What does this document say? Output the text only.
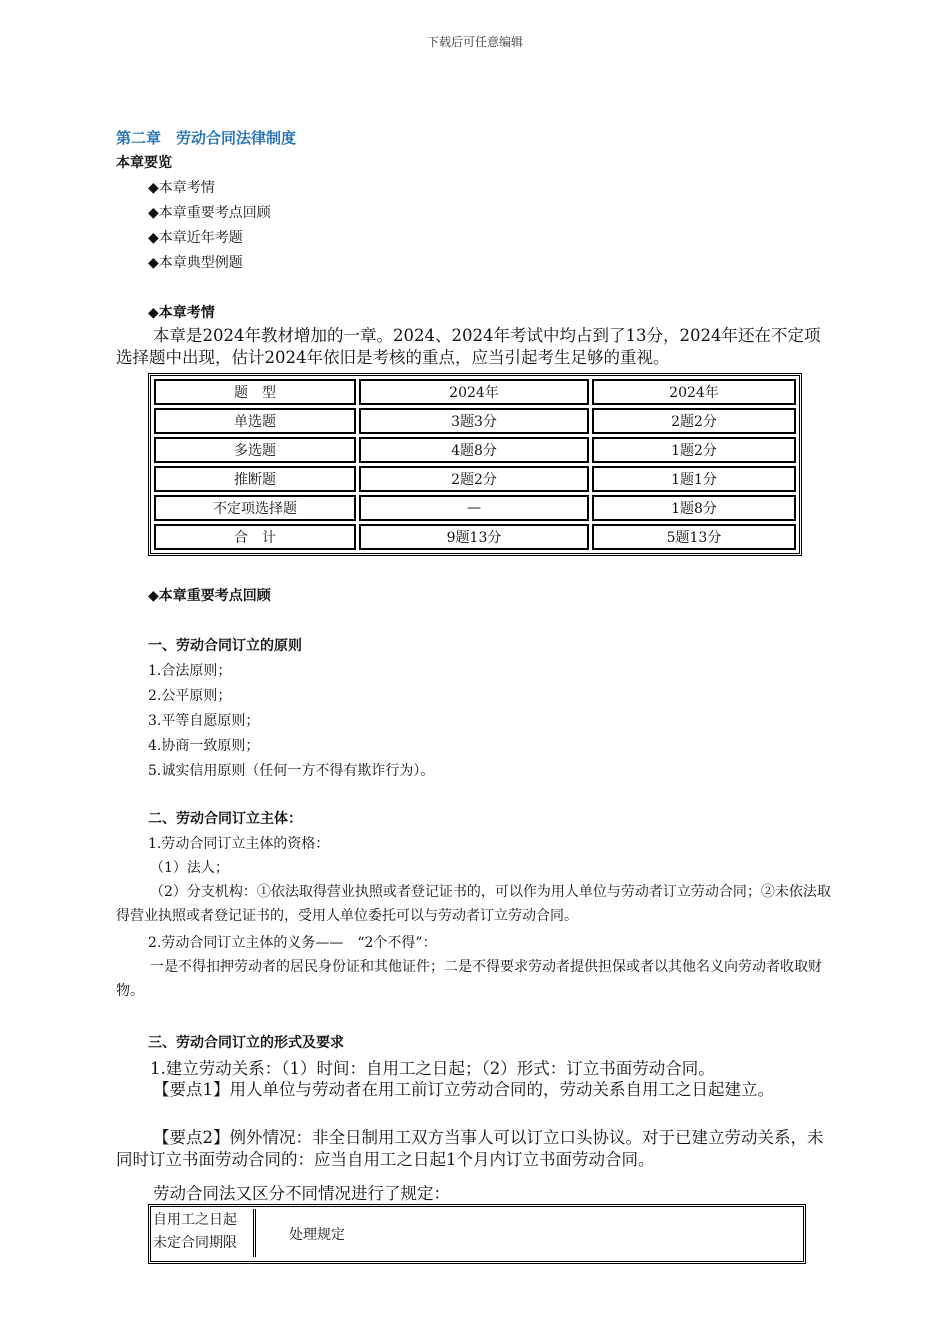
下载后可任意编辑
第二章　劳动合同法律制度
本章要览
◆本章考情
◆本章重要考点回顾
◆本章近年考题
◆本章典型例题
◆本章考情
本章是2024年教材增加的一章。2024、2024年考试中均占到了13分，2024年还在不定项选择题中出现，估计2024年依旧是考核的重点，应当引起考生足够的重视。
题　型	2024年	2024年
单选题	3题3分	2题2分
多选题	4题8分	1题2分
推断题	2题2分	1题1分
不定项选择题	—	1题8分
合　计	9题13分	5题13分
◆本章重要考点回顾
一、劳动合同订立的原则
1.合法原则；
2.公平原则；
3.平等自愿原则；
4.协商一致原则；
5.诚实信用原则（任何一方不得有欺诈行为）。
二、劳动合同订立主体：
1.劳动合同订立主体的资格：
（1）法人；
（2）分支机构：①依法取得营业执照或者登记证书的，可以作为用人单位与劳动者订立劳动合同；②未依法取得营业执照或者登记证书的，受用人单位委托可以与劳动者订立劳动合同。
2.劳动合同订立主体的义务——　“2个不得”：
一是不得扣押劳动者的居民身份证和其他证件；二是不得要求劳动者提供担保或者以其他名义向劳动者收取财物。
三、劳动合同订立的形式及要求
1.建立劳动关系：（1）时间：自用工之日起；（2）形式：订立书面劳动合同。
【要点1】用人单位与劳动者在用工前订立劳动合同的，劳动关系自用工之日起建立。
【要点2】例外情况：非全日制用工双方当事人可以订立口头协议。对于已建立劳动关系，未同时订立书面劳动合同的：应当自用工之日起1个月内订立书面劳动合同。
劳动合同法又区分不同情况进行了规定：
自用工之日起
未定合同期限	处理规定
